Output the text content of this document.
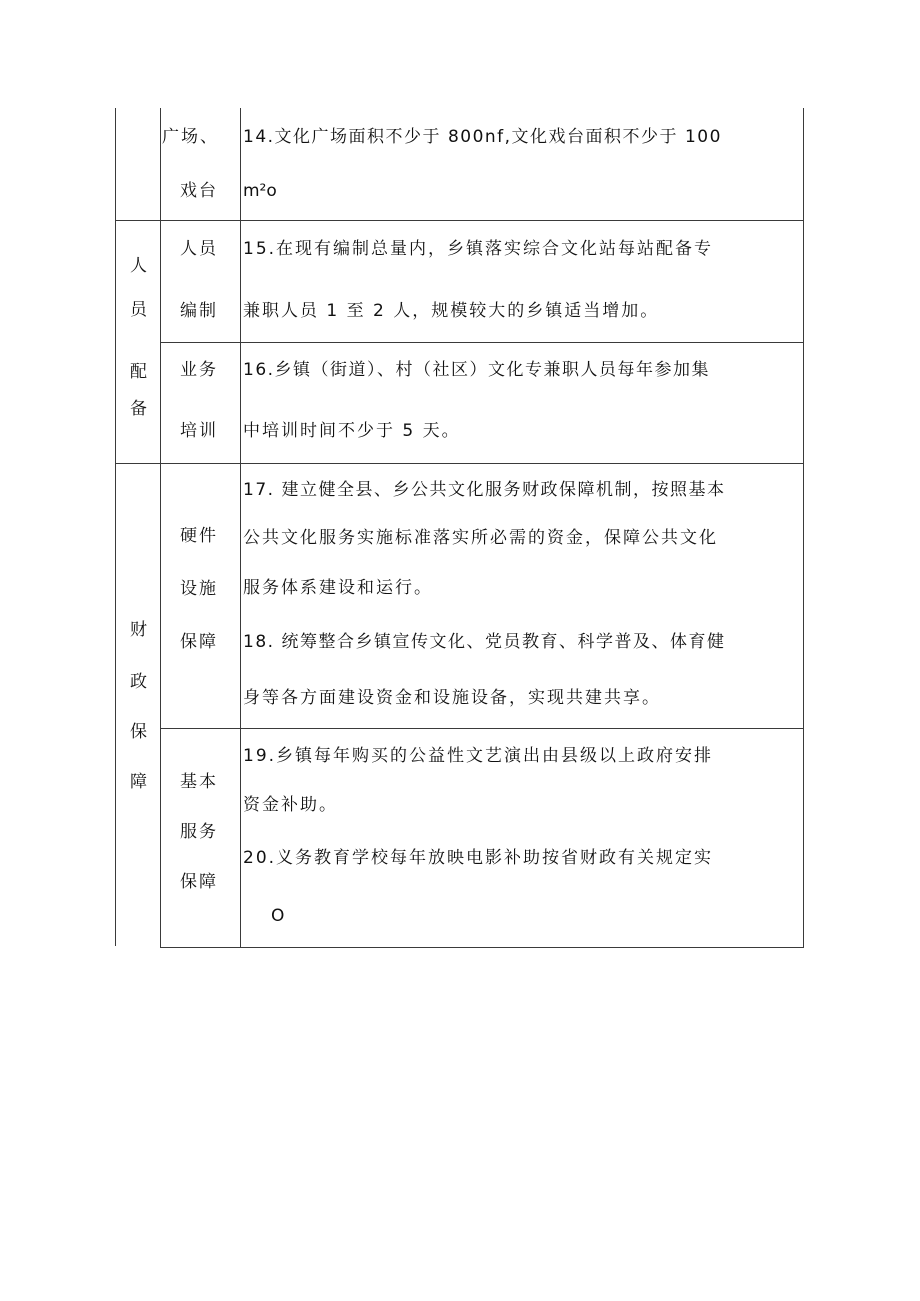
广场、
戏台
14.文化广场面积不少于 800nf,文化戏台面积不少于 100
m²o
人
员
配
备
人员
编制
15.在现有编制总量内，乡镇落实综合文化站每站配备专
兼职人员 1 至 2 人，规模较大的乡镇适当增加。
业务
培训
16.乡镇（街道）、村（社区）文化专兼职人员每年参加集
中培训时间不少于 5 天。
财
政
保
障
硬件
设施
保障
17. 建立健全县、乡公共文化服务财政保障机制，按照基本
公共文化服务实施标准落实所必需的资金，保障公共文化
服务体系建设和运行。
18. 统筹整合乡镇宣传文化、党员教育、科学普及、体育健
身等各方面建设资金和设施设备，实现共建共享。
基本
服务
保障
19.乡镇每年购买的公益性文艺演出由县级以上政府安排
资金补助。
20.义务教育学校每年放映电影补助按省财政有关规定实
O
